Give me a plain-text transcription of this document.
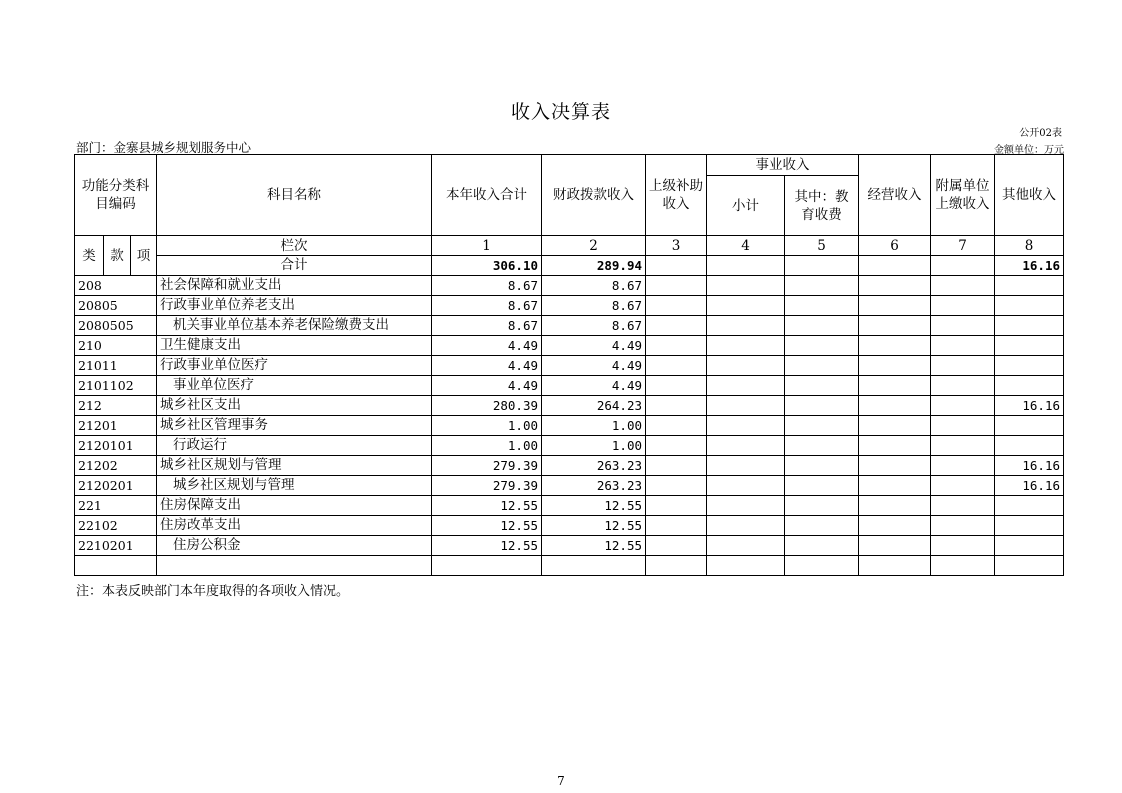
收入决算表
公开02表
部门：金寨县城乡规划服务中心	金额单位：万元
功能分类科目编码			科目名称	本年收入合计	财政拨款收入	上级补助收入	事业收入		经营收入	附属单位上缴收入	其他收入
							小计	其中：教育收费			
类	款	项	栏次	1	2	3	4	5	6	7	8
			合计	306.10	289.94						16.16
208			社会保障和就业支出	8.67	8.67						
20805			行政事业单位养老支出	8.67	8.67						
2080505			机关事业单位基本养老保险缴费支出	8.67	8.67						
210			卫生健康支出	4.49	4.49						
21011			行政事业单位医疗	4.49	4.49						
2101102			事业单位医疗	4.49	4.49						
212			城乡社区支出	280.39	264.23						16.16
21201			城乡社区管理事务	1.00	1.00						
2120101			行政运行	1.00	1.00						
21202			城乡社区规划与管理	279.39	263.23						16.16
2120201			城乡社区规划与管理	279.39	263.23						16.16
221			住房保障支出	12.55	12.55						
22102			住房改革支出	12.55	12.55						
2210201			住房公积金	12.55	12.55						

注：本表反映部门本年度取得的各项收入情况。
7
